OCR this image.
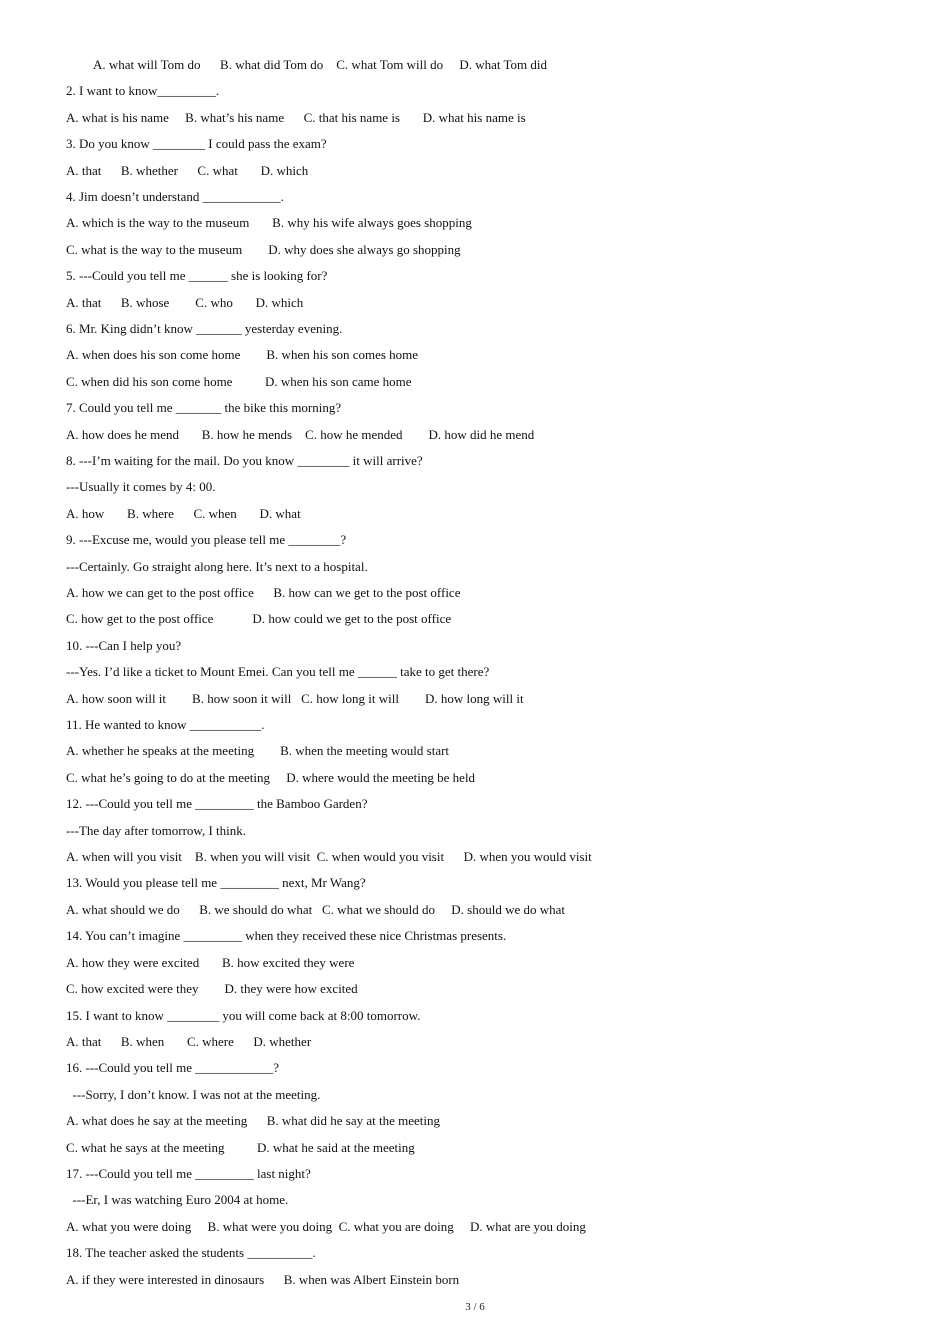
A. what will Tom do      B. what did Tom do    C. what Tom will do     D. what Tom did
2. I want to know_________.
A. what is his name     B. what’s his name      C. that his name is       D. what his name is
3. Do you know ________ I could pass the exam?
A. that      B. whether      C. what       D. which
4. Jim doesn’t understand ____________.
A. which is the way to the museum       B. why his wife always goes shopping
C. what is the way to the museum        D. why does she always go shopping
5. ---Could you tell me ______ she is looking for?
A. that      B. whose        C. who       D. which
6. Mr. King didn’t know _______ yesterday evening.
A. when does his son come home        B. when his son comes home
C. when did his son come home          D. when his son came home
7. Could you tell me _______ the bike this morning?
A. how does he mend       B. how he mends    C. how he mended        D. how did he mend
8. ---I’m waiting for the mail. Do you know ________ it will arrive?
---Usually it comes by 4: 00.
A. how       B. where      C. when       D. what
9. ---Excuse me, would you please tell me ________?
---Certainly. Go straight along here. It’s next to a hospital.
A. how we can get to the post office      B. how can we get to the post office
C. how get to the post office            D. how could we get to the post office
10. ---Can I help you?
---Yes. I’d like a ticket to Mount Emei. Can you tell me ______ take to get there?
A. how soon will it        B. how soon it will   C. how long it will        D. how long will it
11. He wanted to know ___________.
A. whether he speaks at the meeting        B. when the meeting would start
C. what he’s going to do at the meeting     D. where would the meeting be held
12. ---Could you tell me _________ the Bamboo Garden?
---The day after tomorrow, I think.
A. when will you visit    B. when you will visit  C. when would you visit      D. when you would visit
13. Would you please tell me _________ next, Mr Wang?
A. what should we do      B. we should do what   C. what we should do     D. should we do what
14. You can’t imagine _________ when they received these nice Christmas presents.
A. how they were excited       B. how excited they were
C. how excited were they        D. they were how excited
15. I want to know ________ you will come back at 8:00 tomorrow.
A. that      B. when       C. where      D. whether
16. ---Could you tell me ____________?
---Sorry, I don’t know. I was not at the meeting.
A. what does he say at the meeting      B. what did he say at the meeting
C. what he says at the meeting          D. what he said at the meeting
17. ---Could you tell me _________ last night?
---Er, I was watching Euro 2004 at home.
A. what you were doing     B. what were you doing  C. what you are doing     D. what are you doing
18. The teacher asked the students __________.
A. if they were interested in dinosaurs      B. when was Albert Einstein born
3 / 6
